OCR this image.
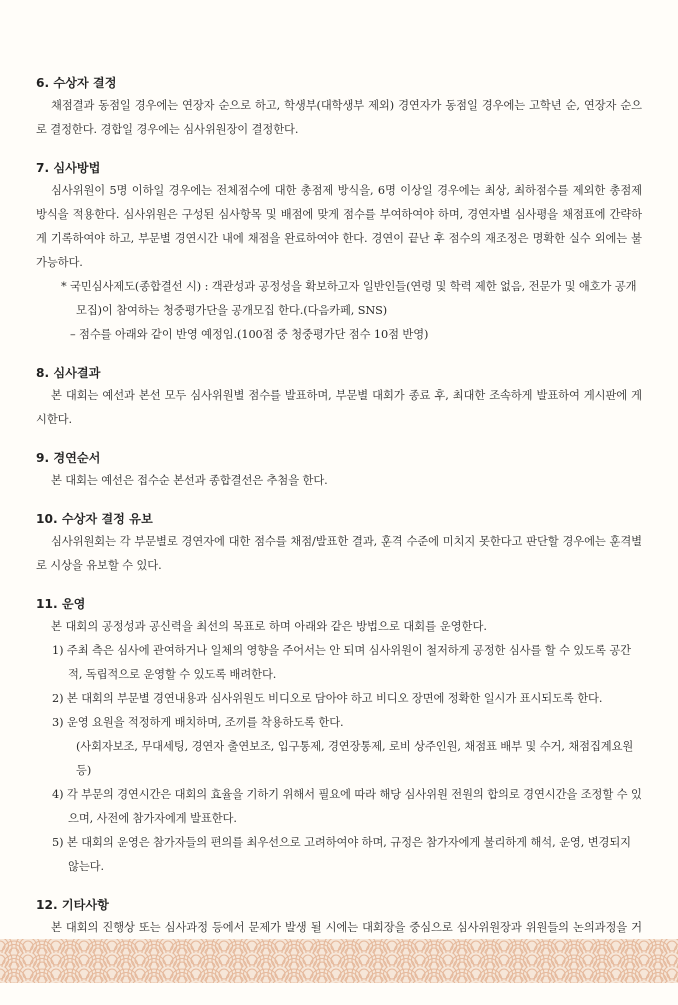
6. 수상자 결정

채점결과 동점일 경우에는 연장자 순으로 하고, 학생부(대학생부 제외) 경연자가 동점일 경우에는 고학년 순, 연장자 순으로 결정한다. 경합일 경우에는 심사위원장이 결정한다.

7. 심사방법

심사위원이 5명 이하일 경우에는 전체점수에 대한 총점제 방식을, 6명 이상일 경우에는 최상, 최하점수를 제외한 총점제 방식을 적용한다. 심사위원은 구성된 심사항목 및 배점에 맞게 점수를 부여하여야 하며, 경연자별 심사평을 채점표에 간략하게 기록하여야 하고, 부문별 경연시간 내에 채점을 완료하여야 한다. 경연이 끝난 후 점수의 재조정은 명확한 실수 외에는 불가능하다.

* 국민심사제도(종합결선 시) : 객관성과 공정성을 확보하고자 일반인들(연령 및 학력 제한 없음, 전문가 및 애호가 공개모집)이 참여하는 청중평가단을 공개모집 한다.(다음카페, SNS)

– 점수를 아래와 같이 반영 예정임.(100점 중 청중평가단 점수 10점 반영)

8. 심사결과

본 대회는 예선과 본선 모두 심사위원별 점수를 발표하며, 부문별 대회가 종료 후, 최대한 조속하게 발표하여 게시판에 게시한다.

9. 경연순서

본 대회는 예선은 접수순 본선과 종합결선은 추첨을 한다.

10. 수상자 결정 유보

심사위원회는 각 부문별로 경연자에 대한 점수를 채점/발표한 결과, 훈격 수준에 미치지 못한다고 판단할 경우에는 훈격별로 시상을 유보할 수 있다.

11. 운영

본 대회의 공정성과 공신력을 최선의 목표로 하며 아래와 같은 방법으로 대회를 운영한다.

1) 주최 측은 심사에 관여하거나 일체의 영향을 주어서는 안 되며 심사위원이 철저하게 공정한 심사를 할 수 있도록 공간적, 독립적으로 운영할 수 있도록 배려한다.

2) 본 대회의 부문별 경연내용과 심사위원도 비디오로 담아야 하고 비디오 장면에 정확한 일시가 표시되도록 한다.

3) 운영 요원을 적정하게 배치하며, 조끼를 착용하도록 한다.

(사회자보조, 무대세팅, 경연자 출연보조, 입구통제, 경연장통제, 로비 상주인원, 채점표 배부 및 수거, 채점집계요원 등)

4) 각 부문의 경연시간은 대회의 효율을 기하기 위해서 필요에 따라 해당 심사위원 전원의 합의로 경연시간을 조정할 수 있으며, 사전에 참가자에게 발표한다.

5) 본 대회의 운영은 참가자들의 편의를 최우선으로 고려하여야 하며, 규정은 참가자에게 불리하게 해석, 운영, 변경되지 않는다.

12. 기타사항

본 대회의 진행상 또는 심사과정 등에서 문제가 발생 될 시에는 대회장을 중심으로 심사위원장과 위원들의 논의과정을 거
